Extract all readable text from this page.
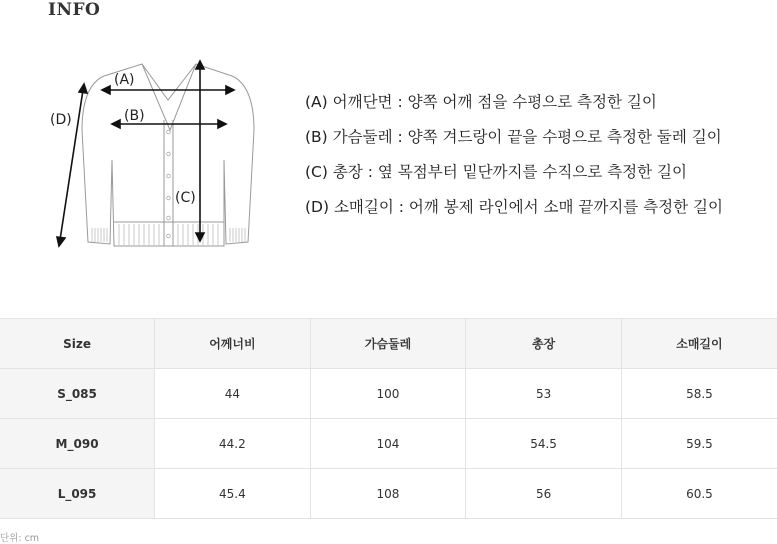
INFO
(A)
(B)
(C)
(D)
(A) 어깨단면 : 양쪽 어깨 점을 수평으로 측정한 길이
(B) 가슴둘레 : 양쪽 겨드랑이 끝을 수평으로 측정한 둘레 길이
(C) 총장 : 옆 목점부터 밑단까지를 수직으로 측정한 길이
(D) 소매길이 : 어깨 봉제 라인에서 소매 끝까지를 측정한 길이
Size	어께너비	가슴둘레	총장	소매길이
S_085	44	100	53	58.5
M_090	44.2	104	54.5	59.5
L_095	45.4	108	56	60.5
단위: cm
